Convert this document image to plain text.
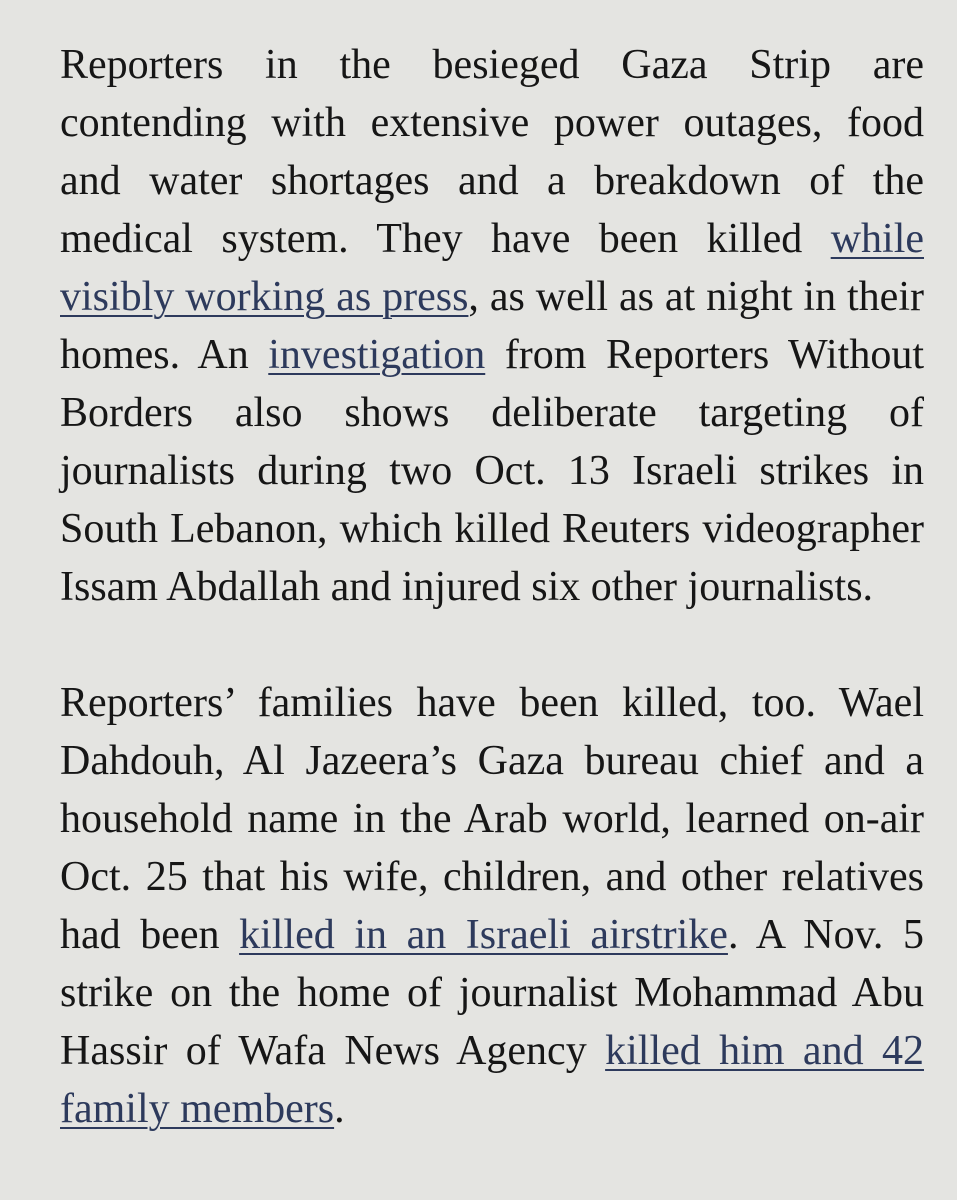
Reporters in the besieged Gaza Strip are contending with extensive power outages, food and water shortages and a breakdown of the medical system. They have been killed while visibly working as press, as well as at night in their homes. An investigation from Reporters Without Borders also shows deliberate targeting of journalists during two Oct. 13 Israeli strikes in South Lebanon, which killed Reuters videographer Issam Abdallah and injured six other journalists.

Reporters’ families have been killed, too. Wael Dahdouh, Al Jazeera’s Gaza bureau chief and a household name in the Arab world, learned on-air Oct. 25 that his wife, children, and other relatives had been killed in an Israeli airstrike. A Nov. 5 strike on the home of journalist Mohammad Abu Hassir of Wafa News Agency killed him and 42 family members.
